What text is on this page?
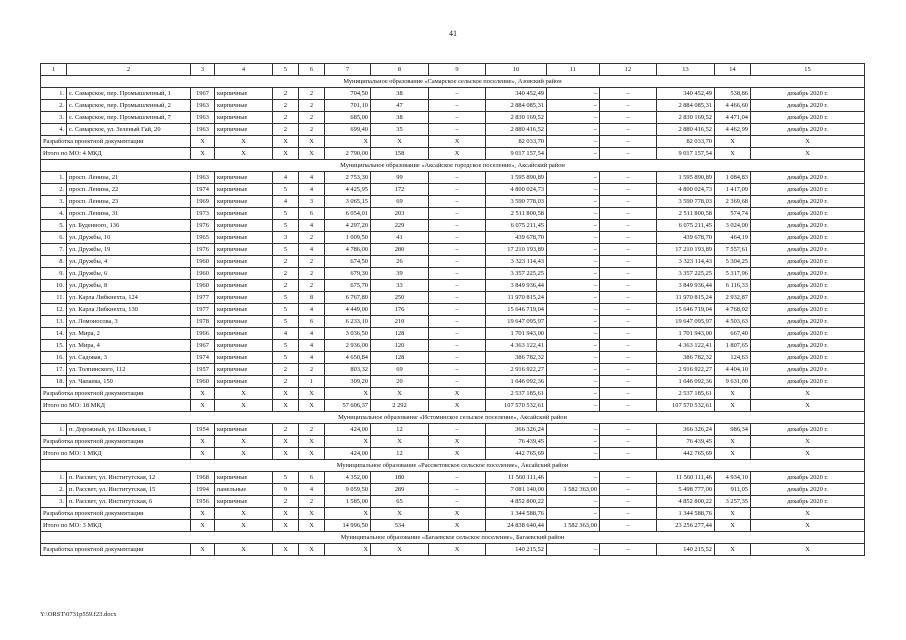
41
1	2	3	4	5	6	7	8	9	10	11	12	13	14	15
Муниципальное образование «Самарское сельское поселение», Азовский район														
1.	с. Самарское, пер. Промышленный, 1	1967	кирпичные	2	2	704,50	38	–	340 452,49	–	–	340 452,49	538,86	декабрь 2020 г.
2.	с. Самарское, пер. Промышленный, 2	1963	кирпичные	2	2	701,10	47	–	2 884 085,31	–	–	2 884 085,31	4 466,60	декабрь 2020 г.
3.	с. Самарское, пер. Промышленный, 7	1963	кирпичные	2	2	685,00	38	–	2 830 169,52	–	–	2 830 169,52	4 471,04	декабрь 2020 г.
4.	с. Самарское, ул. Зеленый Гай, 20	1963	кирпичные	2	2	699,40	35	–	2 880 416,52	–	–	2 880 416,52	4 462,99	декабрь 2020 г.
Разработка проектной документации		X	X	X	X	X	X	X	82 033,70	–	–	82 033,70	X	X
Итого по МО: 4 МКД		X	X	X	X	2 790,00	158	X	9 017 157,54	–	–	9 017 157,54	X	X
Муниципальное образование «Аксайское городское поселение», Аксайский район														
1.	просп. Ленина, 21	1963	кирпичные	4	4	2 753,30	99	–	1 595 890,89	–	–	1 595 890,89	1 084,83	декабрь 2020 г.
2.	просп. Ленина, 22	1974	кирпичные	5	4	4 425,95	172	–	4 800 024,73	–	–	4 800 024,73	1 417,09	декабрь 2020 г.
3.	просп. Ленина, 23	1969	кирпичные	4	3	3 065,15	69	–	3 590 778,03	–	–	3 590 778,03	2 369,68	декабрь 2020 г.
4.	просп. Ленина, 31	1973	кирпичные	5	6	6 054,01	203	–	2 511 800,58	–	–	2 511 800,58	574,74	декабрь 2020 г.
5.	ул. Буденного, 136	1976	кирпичные	5	4	4 297,20	229	–	6 075 211,45	–	–	6 075 211,45	3 024,00	декабрь 2020 г.
6.	ул. Дружбы, 10	1965	кирпичные	3	2	1 009,50	41	–	439 678,70	–	–	439 678,70	464,19	декабрь 2020 г.
7.	ул. Дружбы, 19	1976	кирпичные	5	4	4 786,00	280	–	17 210 193,89	–	–	17 210 193,89	7 557,61	декабрь 2020 г.
8.	ул. Дружбы, 4	1960	кирпичные	2	2	674,50	26	–	3 323 114,43	–	–	3 323 114,43	5 304,25	декабрь 2020 г.
9.	ул. Дружбы, 6	1960	кирпичные	2	2	679,30	39	–	3 357 225,25	–	–	3 357 225,25	5 317,96	декабрь 2020 г.
10.	ул. Дружбы, 8	1960	кирпичные	2	2	675,70	33	–	3 849 936,44	–	–	3 849 936,44	6 116,33	декабрь 2020 г.
11.	ул. Карла Либкнехта, 124	1977	кирпичные	5	8	6 767,80	250	–	11 970 815,24	–	–	11 970 815,24	2 932,87	декабрь 2020 г.
12.	ул. Карла Либкнехта, 130	1977	кирпичные	5	4	4 449,00	176	–	15 646 719,04	–	–	15 646 719,04	4 768,02	декабрь 2020 г.
13.	ул. Ломоносова, 3	1978	кирпичные	5	6	6 233,10	210	–	19 647 095,97	–	–	19 647 095,97	4 503,63	декабрь 2020 г.
14.	ул. Мира, 2	1966	кирпичные	4	4	3 036,50	128	–	1 701 943,00	–	–	1 701 943,00	667,40	декабрь 2020 г.
15.	ул. Мира, 4	1967	кирпичные	5	4	2 936,00	120	–	4 363 122,41	–	–	4 363 122,41	1 807,65	декабрь 2020 г.
16.	ул. Садовая, 3	1974	кирпичные	5	4	4 650,84	128	–	386 782,32	–	–	386 782,32	124,63	декабрь 2020 г.
17.	ул. Толпинского, 112	1957	кирпичные	2	2	803,32	69	–	2 916 922,27	–	–	2 916 922,27	4 404,10	декабрь 2020 г.
18.	ул. Чапаева, 150	1960	кирпичные	2	1	309,20	20	–	1 646 092,36	–	–	1 646 092,36	9 631,00	декабрь 2020 г.
Разработка проектной документации		X	X	X	X	X	X	X	2 537 185,61	–	–	2 537 185,61	X	X
Итого по МО: 18 МКД		X	X	X	X	57 606,37	2 292	X	107 570 532,61	–	–	107 570 532,61	X	X
Муниципальное образование «Истоминское сельское поселение», Аксайский район														
1.	п. Дорожный, ул. Школьная, 1	1954	кирпичные	2	2	424,00	12	–	366 326,24	–	–	366 326,24	986,34	декабрь 2020 г.
Разработка проектной документации		X	X	X	X	X	X	X	76 439,45	–	–	76 439,45	X	X
Итого по МО: 1 МКД		X	X	X	X	424,00	12	X	442 765,69	–	–	442 765,69	X	X
Муниципальное образование «Рассветовское сельское поселение», Аксайский район														
1.	п. Рассвет, ул. Институтская, 12	1968	кирпичные	5	6	4 352,00	180	–	11 560 111,46	–	–	11 560 111,46	4 934,10	декабрь 2020 г.
2.	п. Рассвет, ул. Институтская, 15	1994	панельные	9	4	9 059,50	289	–	7 081 140,00	1 582 363,00	–	5 498 777,00	911,05	декабрь 2020 г.
3.	п. Рассвет, ул. Институтская, 6	1956	кирпичные	2	2	1 585,00	65	–	4 852 800,22	–	–	4 852 800,22	3 257,35	декабрь 2020 г.
Разработка проектной документации		X	X	X	X	X	X	X	1 344 588,76	–	–	1 344 588,76	X	X
Итого по МО: 3 МКД		X	X	X	X	14 996,50	534	X	24 838 640,44	1 582 363,00	–	23 256 277,44	X	X
Муниципальное образование «Багаевское сельское поселение», Багаевский район														
Разработка проектной документации		X	X	X	X	X	X	X	140 215,52	–	–	140 215,52	X	X
Y:\ORST\0731p559.f23.docx
